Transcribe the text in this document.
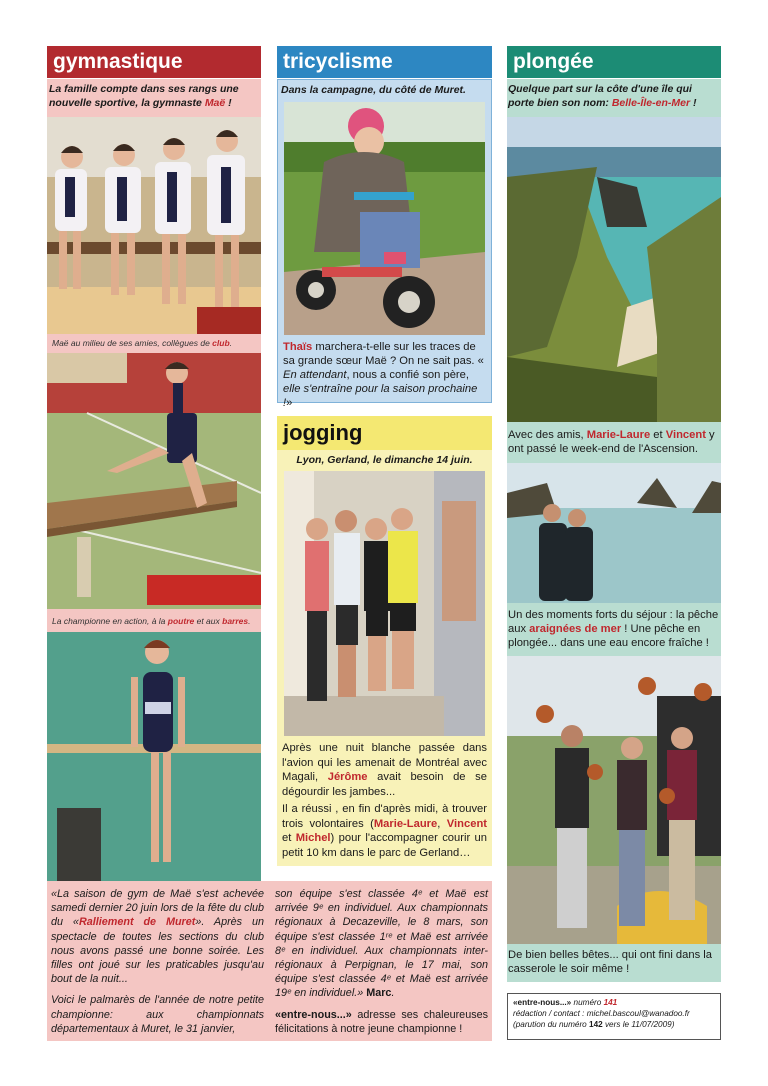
gymnastique
La famille compte dans ses rangs une nouvelle sportive, la gymnaste Maë !
Maë au milieu de ses amies, collègues de club.
La championne en action, à la poutre et aux barres.
tricyclisme
Dans la campagne, du côté de Muret.
Thaïs marchera-t-elle sur les traces de sa grande sœur Maë ? On ne sait pas. « En attendant, nous a confié son père, elle s'entraîne pour la saison prochaine !»
jogging
Lyon, Gerland, le dimanche 14 juin.
Après une nuit blanche passée dans l'avion qui les amenait de Montréal avec Magali, Jérôme avait besoin de se dégourdir les jambes...
Il a réussi , en fin d'après midi, à trouver trois volontaires (Marie-Laure, Vincent et Michel) pour l'accompagner courir un petit 10 km dans le parc de Gerland…
plongée
Quelque part sur la côte d'une île qui porte bien son nom: Belle-Île-en-Mer !
Avec des amis, Marie-Laure et Vincent y ont passé le week-end de l'Ascension.
Un des moments forts du séjour : la pêche aux araignées de mer ! Une pêche en plongée... dans une eau encore fraîche !
De bien belles bêtes... qui ont fini dans la casserole le soir même !
«La saison de gym de Maë s'est achevée samedi dernier 20 juin lors de la fête du club du «Ralliement de Muret». Après un spectacle de toutes les sections du club nous avons passé une bonne soirée. Les filles ont joué sur les praticables jusqu'au bout de la nuit...
Voici le palmarès de l'année de notre petite championne: aux championnats départementaux à Muret, le 31 janvier,
son équipe s'est classée 4ᵉ et Maë est arrivée 9ᵉ en individuel. Aux championnats régionaux à Decazeville, le 8 mars, son équipe s'est classée 1ʳᵉ et Maë est arrivée 8ᵉ en individuel. Aux championnats inter-régionaux à Perpignan, le 17 mai, son équipe s'est classée 4ᵉ et Maë est arrivée 19ᵉ en individuel.» Marc.
«entre-nous...» adresse ses chaleureuses félicitations à notre jeune championne !
«entre-nous...» numéro 141
rédaction / contact : michel.bascoul@wanadoo.fr
(parution du numéro 142 vers le 11/07/2009)
